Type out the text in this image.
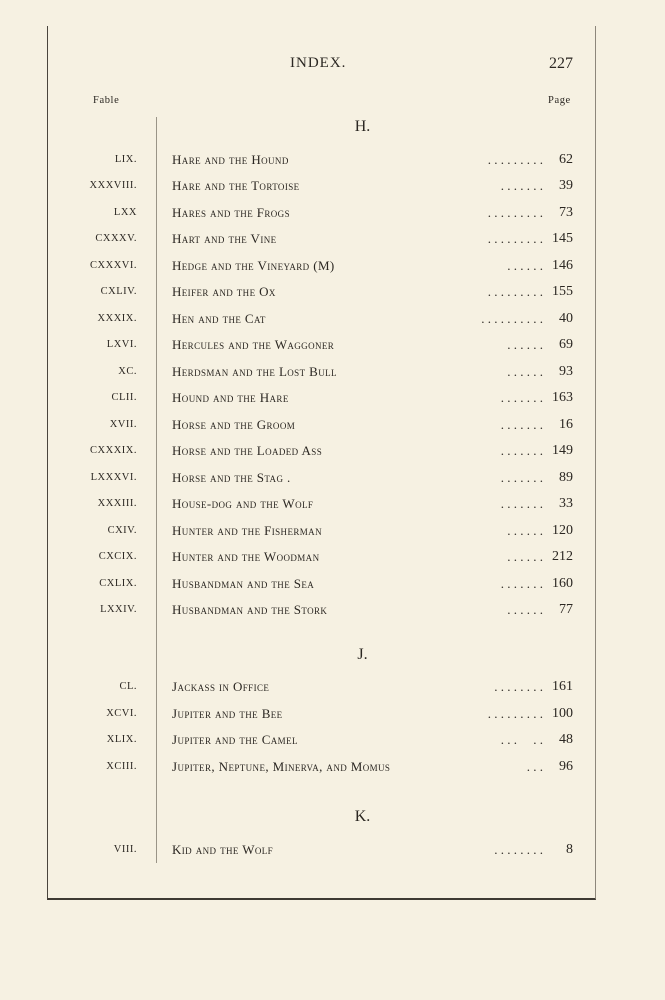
INDEX.	227
Fable	Page
H.
LIX.	Hare and the Hound	. . . . . . . . . 62
XXXVIII.	Hare and the Tortoise	. . . . . . . 39
LXX	Hares and the Frogs	. . . . . . . . . 73
CXXXV.	Hart and the Vine	. . . . . . . . . 145
CXXXVI.	Hedge and the Vineyard (M)	. . . . . . 146
CXLIV.	Heifer and the Ox	. . . . . . . . . 155
XXXIX.	Hen and the Cat	. . . . . . . . . . 40
LXVI.	Hercules and the Waggoner	. . . . . . 69
XC.	Herdsman and the Lost Bull	. . . . . . 93
CLII.	Hound and the Hare	. . . . . . . 163
XVII.	Horse and the Groom	. . . . . . . 16
CXXXIX.	Horse and the Loaded Ass	. . . . . . . 149
LXXXVI.	Horse and the Stag .	. . . . . . . 89
XXXIII.	House-dog and the Wolf	. . . . . . . 33
CXIV.	Hunter and the Fisherman	. . . . . . 120
CXCIX.	Hunter and the Woodman	. . . . . . 212
CXLIX.	Husbandman and the Sea	. . . . . . . 160
LXXIV.	Husbandman and the Stork	. . . . . . 77
J.
CL.	Jackass in Office	. . . . . . . . 161
XCVI.	Jupiter and the Bee	. . . . . . . . . 100
XLIX.	Jupiter and the Camel	. . .     . . 48
XCIII.	Jupiter, Neptune, Minerva, and Momus	. . . 96
K.
VIII.	Kid and the Wolf	. . . . . . . . 8
